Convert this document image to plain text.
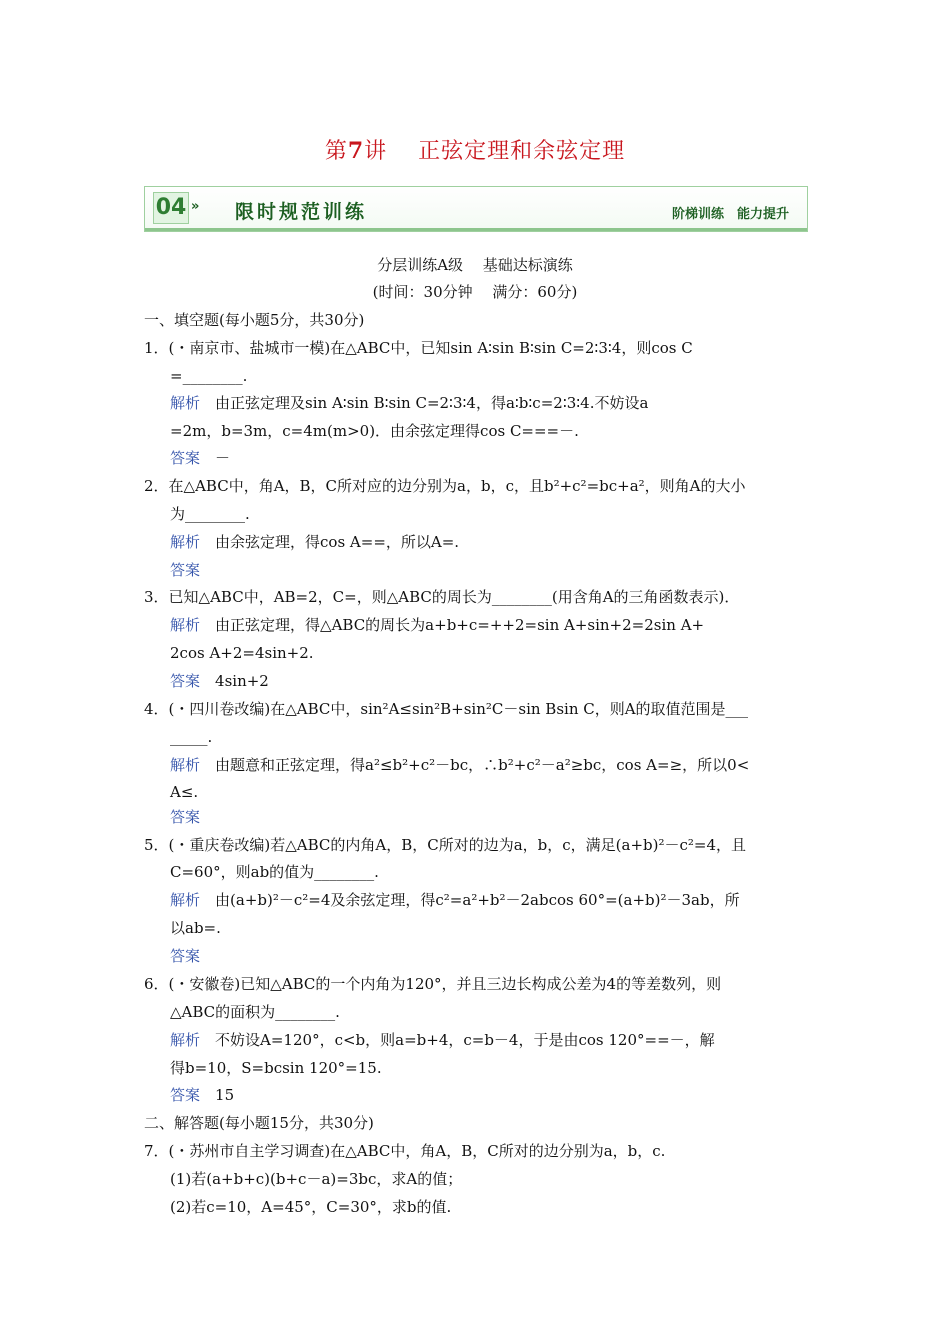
第7讲　 正弦定理和余弦定理
04 » 限时规范训练	阶梯训练　能力提升
分层训练A级　 基础达标演练
(时间：30分钟　 满分：60分)
一、填空题(每小题5分，共30分)
1．(・南京市、盐城市一模)在△ABC中，已知sin A∶sin B∶sin C=2∶3∶4，则cos C
=________.
解析　 由正弦定理及sin A∶sin B∶sin C=2∶3∶4，得a∶b∶c=2∶3∶4.不妨设a
=2m，b=3m，c=4m(m>0)．由余弦定理得cos C===－.
答案　 －
2．在△ABC中，角A，B，C所对应的边分别为a，b，c，且b²+c²=bc+a²，则角A的大小
为________.
解析　 由余弦定理，得cos A==，所以A=.
答案　
3．已知△ABC中，AB=2，C=，则△ABC的周长为________(用含角A的三角函数表示)．
解析　 由正弦定理，得△ABC的周长为a+b+c=++2=sin A+sin+2=2sin A+
2cos A+2=4sin+2.
答案　 4sin+2
4．(・四川卷改编)在△ABC中，sin²A≤sin²B+sin²C－sin Bsin C，则A的取值范围是___
_____.
解析　 由题意和正弦定理，得a²≤b²+c²－bc，∴b²+c²－a²≥bc，cos A=≥，所以0<
A≤.
答案　
5．(・重庆卷改编)若△ABC的内角A，B，C所对的边为a，b，c，满足(a+b)²－c²=4，且
C=60°，则ab的值为________.
解析　 由(a+b)²－c²=4及余弦定理，得c²=a²+b²－2abcos 60°=(a+b)²－3ab，所
以ab=.
答案　
6．(・安徽卷)已知△ABC的一个内角为120°，并且三边长构成公差为4的等差数列，则
△ABC的面积为________.
解析　 不妨设A=120°，c<b，则a=b+4，c=b－4，于是由cos 120°==－，解
得b=10，S=bcsin 120°=15.
答案　 15
二、解答题(每小题15分，共30分)
7．(・苏州市自主学习调查)在△ABC中，角A，B，C所对的边分别为a，b，c.
(1)若(a+b+c)(b+c－a)=3bc，求A的值；
(2)若c=10，A=45°，C=30°，求b的值.
